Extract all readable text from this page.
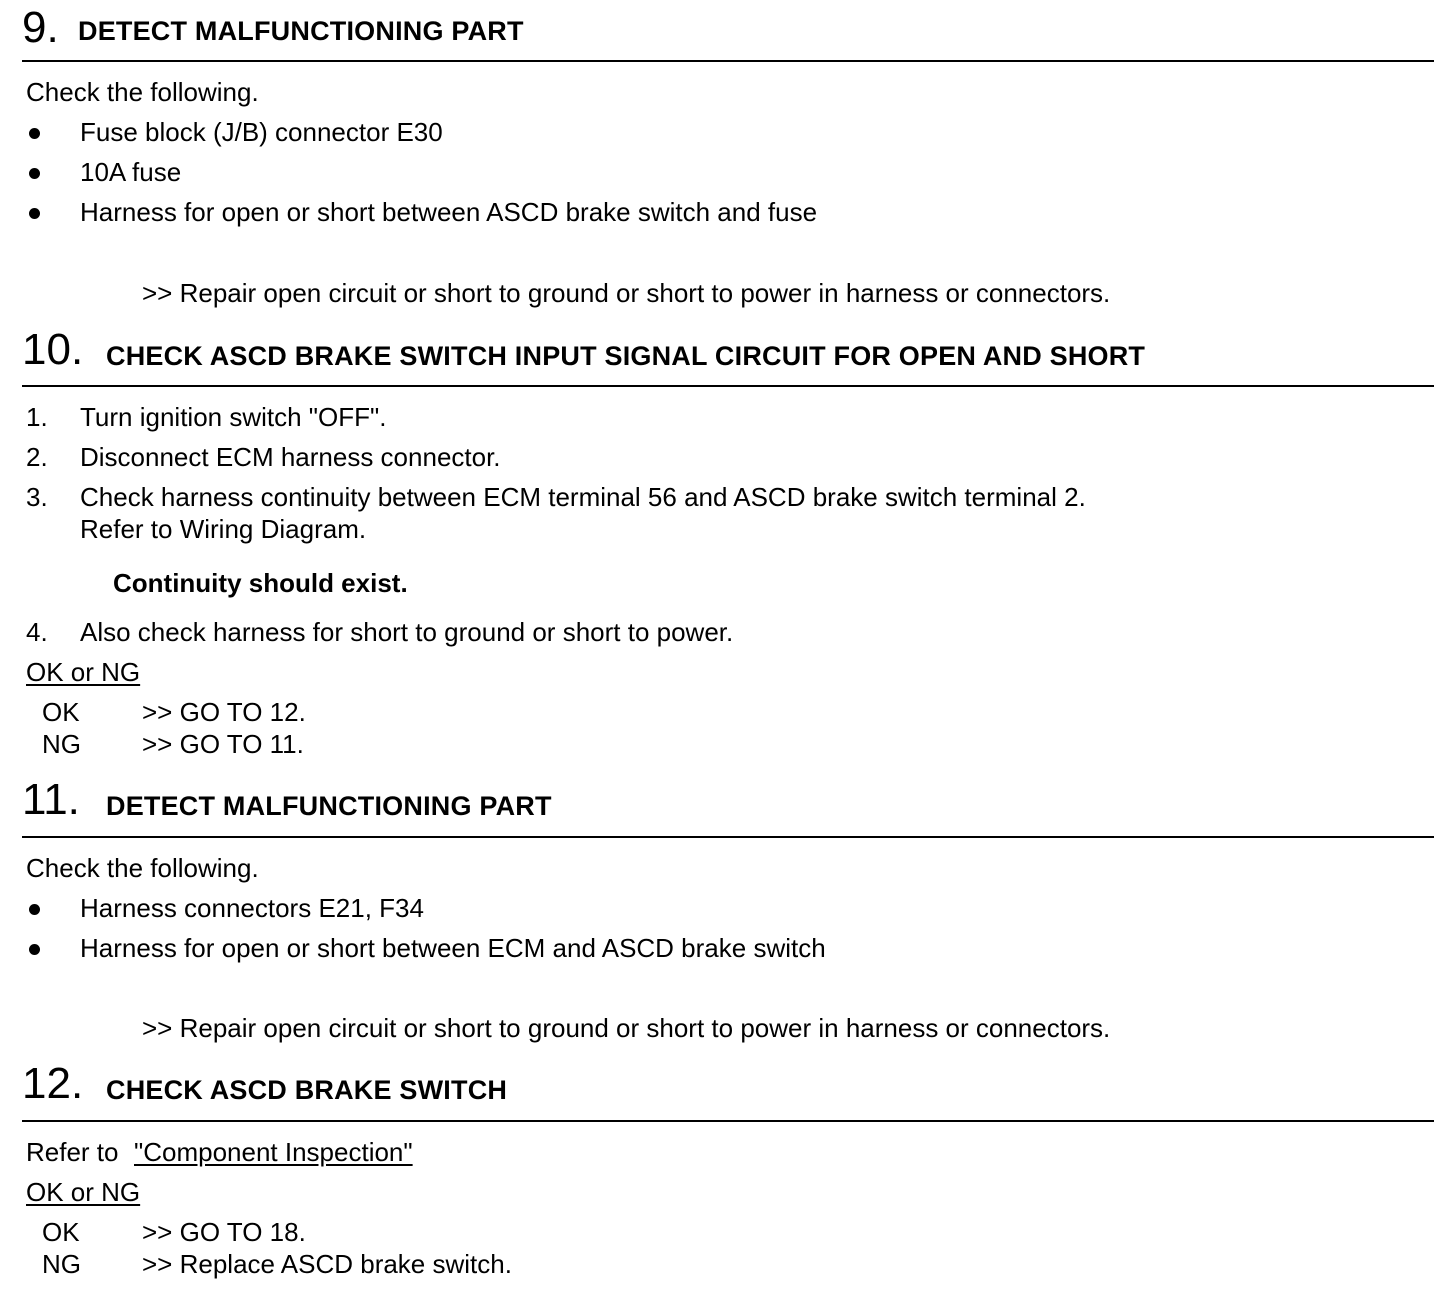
9. DETECT MALFUNCTIONING PART
Check the following.
Fuse block (J/B) connector E30
10A fuse
Harness for open or short between ASCD brake switch and fuse
>> Repair open circuit or short to ground or short to power in harness or connectors.
10. CHECK ASCD BRAKE SWITCH INPUT SIGNAL CIRCUIT FOR OPEN AND SHORT
1. Turn ignition switch "OFF".
2. Disconnect ECM harness connector.
3. Check harness continuity between ECM terminal 56 and ASCD brake switch terminal 2.
Refer to Wiring Diagram.
Continuity should exist.
4. Also check harness for short to ground or short to power.
OK or NG
OK >> GO TO 12.
NG >> GO TO 11.
11. DETECT MALFUNCTIONING PART
Check the following.
Harness connectors E21, F34
Harness for open or short between ECM and ASCD brake switch
>> Repair open circuit or short to ground or short to power in harness or connectors.
12. CHECK ASCD BRAKE SWITCH
Refer to "Component Inspection"
OK or NG
OK >> GO TO 18.
NG >> Replace ASCD brake switch.
